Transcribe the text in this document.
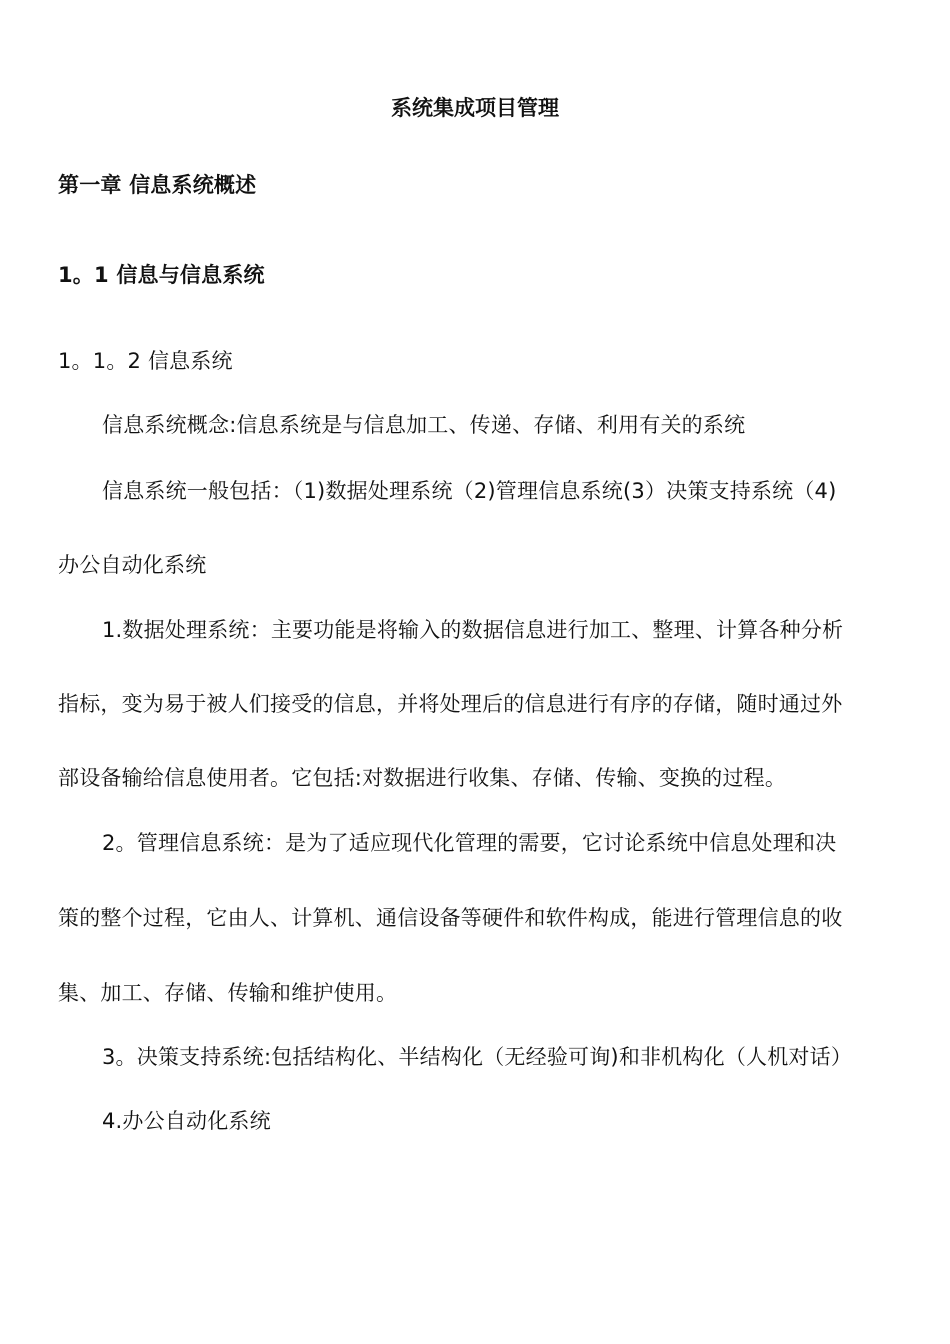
系统集成项目管理
第一章 信息系统概述
1。1 信息与信息系统
1。1。2 信息系统
信息系统概念:信息系统是与信息加工、传递、存储、利用有关的系统
信息系统一般包括：（1)数据处理系统（2)管理信息系统(3）决策支持系统（4)
办公自动化系统
1.数据处理系统：主要功能是将输入的数据信息进行加工、整理、计算各种分析
指标，变为易于被人们接受的信息，并将处理后的信息进行有序的存储，随时通过外
部设备输给信息使用者。它包括:对数据进行收集、存储、传输、变换的过程。
2。管理信息系统：是为了适应现代化管理的需要，它讨论系统中信息处理和决
策的整个过程，它由人、计算机、通信设备等硬件和软件构成，能进行管理信息的收
集、加工、存储、传输和维护使用。
3。决策支持系统:包括结构化、半结构化（无经验可询)和非机构化（人机对话）
4.办公自动化系统
